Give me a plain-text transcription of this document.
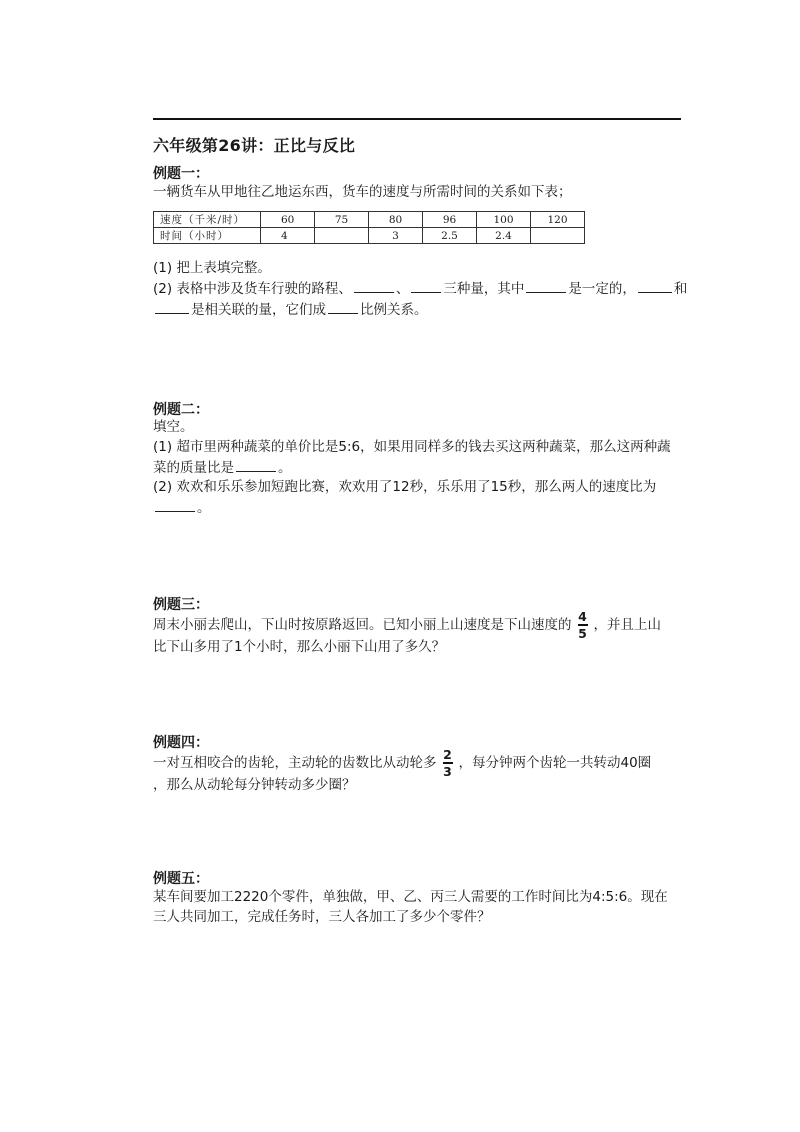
六年级第26讲：正比与反比
例题一：
一辆货车从甲地往乙地运东西，货车的速度与所需时间的关系如下表；
速度（千米/时）	60	75	80	96	100	120
时间（小时）	4		3	2.5	2.4	
(1) 把上表填完整。
(2) 表格中涉及货车行驶的路程、	、	三种量，其中	是一定的，	和
是相关联的量，它们成	比例关系。
例题二：
填空。
(1) 超市里两种蔬菜的单价比是5:6，如果用同样多的钱去买这两种蔬菜，那么这两种蔬
菜的质量比是	。
(2) 欢欢和乐乐参加短跑比赛，欢欢用了12秒，乐乐用了15秒，那么两人的速度比为
。
例题三：
周末小丽去爬山，下山时按原路返回。已知小丽上山速度是下山速度的 $\frac{4}{5}$ ，并且上山
比下山多用了1个小时，那么小丽下山用了多久？
例题四：
一对互相咬合的齿轮，主动轮的齿数比从动轮多 $\frac{2}{3}$ ，每分钟两个齿轮一共转动40圈
，那么从动轮每分钟转动多少圈？
例题五：
某车间要加工2220个零件，单独做，甲、乙、丙三人需要的工作时间比为4:5:6。现在
三人共同加工，完成任务时，三人各加工了多少个零件？
